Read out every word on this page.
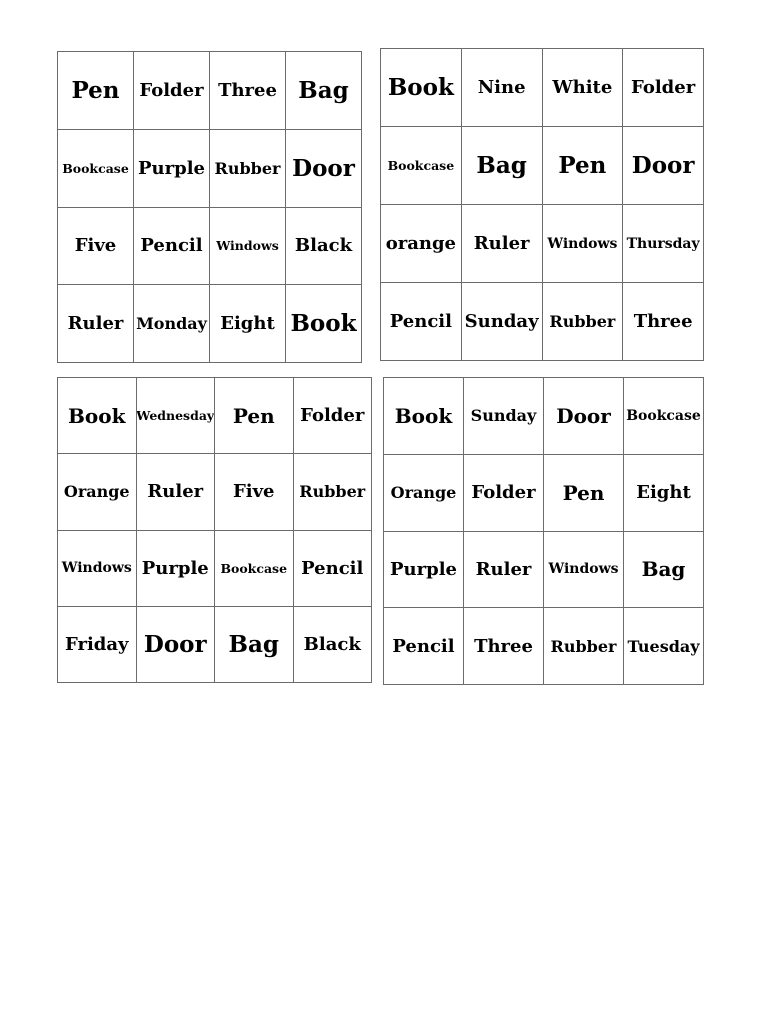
Pen	Folder Three Bag
Bookcase Purple Rubber Door
Five	Pencil	Windows Black
Ruler Monday Eight Book
Book	Nine	White	Folder
Bookcase Bag	Pen	Door
orange Ruler	Windows Thursday
Pencil Sunday Rubber	Three
Book Wednesday Pen	Folder
Orange Ruler	Five	Rubber
Windows Purple Bookcase Pencil
Friday Door Bag	Black
Book	Sunday Door	Bookcase
Orange Folder	Pen	Eight
Purple	Ruler	Windows	Bag
Pencil	Three	Rubber Tuesday
